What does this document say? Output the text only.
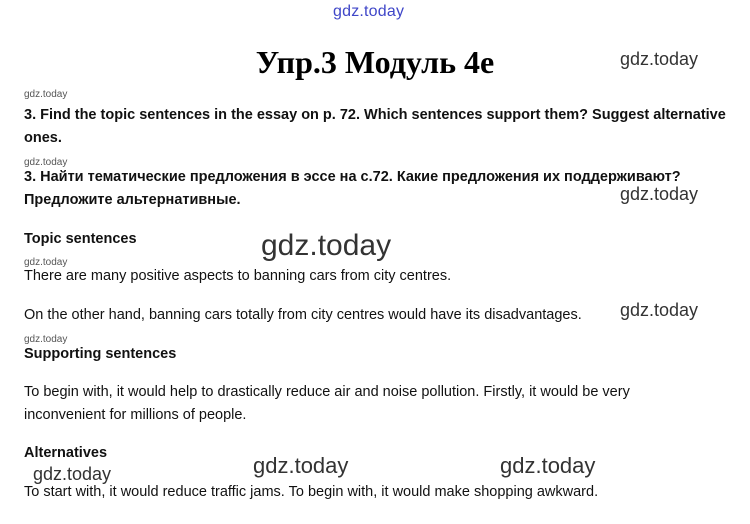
gdz.today
gdz.today
gdz.today
gdz.today
gdz.today
gdz.today
gdz.today
gdz.today
gdz.today
gdz.today	gdz.today	gdz.today
Упр.3 Модуль 4e
3. Find the topic sentences in the essay on p. 72. Which sentences support them? Suggest alternative
ones.
3. Найти тематические предложения в эссе на с.72. Какие предложения их поддерживают?
Предложите альтернативные.
Topic sentences
There are many positive aspects to banning cars from city centres.
On the other hand, banning cars totally from city centres would have its disadvantages.
Supporting sentences
To begin with, it would help to drastically reduce air and noise pollution. Firstly, it would be very
inconvenient for millions of people.
Alternatives
To start with, it would reduce traffic jams. To begin with, it would make shopping awkward.
